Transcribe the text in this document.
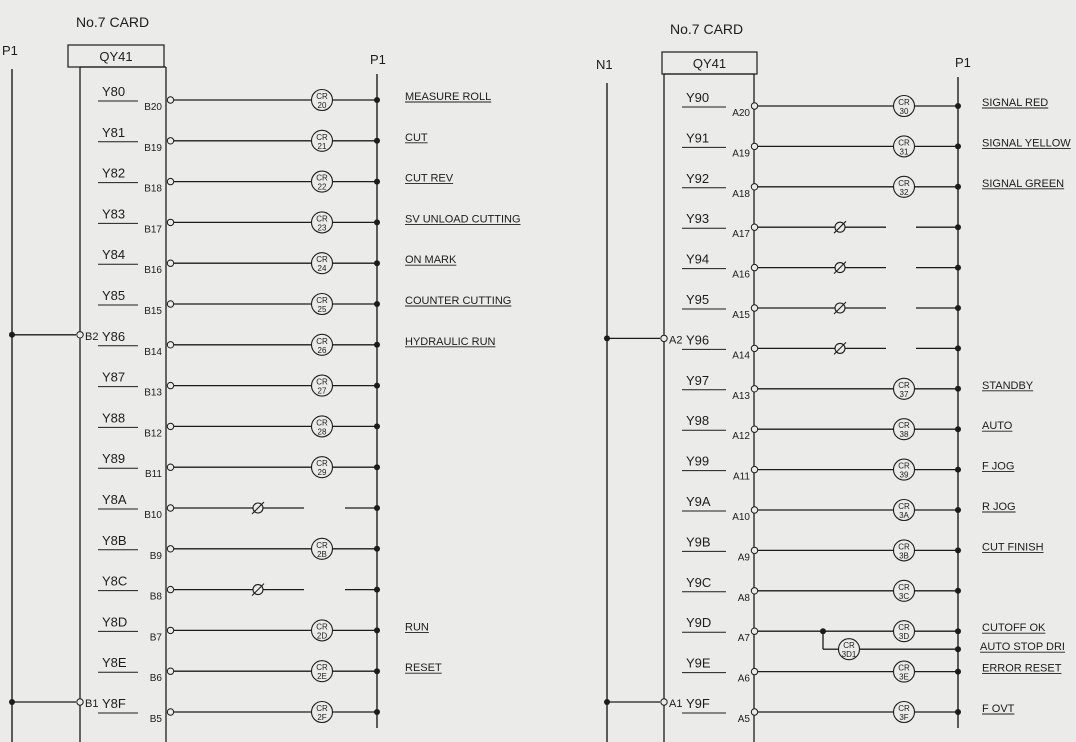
No.7 CARD
QY41
P1
P1
B2
B1
Y80
B20
CR
20
MEASURE ROLL
Y81
B19
CR
21
CUT
Y82
B18
CR
22
CUT REV
Y83
B17
CR
23
SV UNLOAD CUTTING
Y84
B16
CR
24
ON MARK
Y85
B15
CR
25
COUNTER CUTTING
Y86
B14
CR
26
HYDRAULIC RUN
Y87
B13
CR
27
Y88
B12
CR
28
Y89
B11
CR
29
Y8A
B10
Y8B
B9
CR
2B
Y8C
B8
Y8D
B7
CR
2D
RUN
Y8E
B6
CR
2E
RESET
Y8F
B5
CR
2F
No.7 CARD
QY41
N1	P1
A2
A1
Y90
A20
CR
30
SIGNAL RED
Y91
A19
CR
31
SIGNAL YELLOW
Y92
A18
CR
32
SIGNAL GREEN
Y93
A17
Y94
A16
Y95
A15
Y96
A14
Y97
A13
CR
37
STANDBY
Y98
A12
CR
38
AUTO
Y99
A11
CR
39
F JOG
Y9A
A10
CR
3A
R JOG
Y9B
A9
CR
3B
CUT FINISH
Y9C
A8
CR
3C
Y9D
A7
CR
3D
CUTOFF OK
Y9E
A6
CR
3E
ERROR RESET
Y9F
A5
CR
3F
F OVT
CR
3D1
AUTO STOP DRI
